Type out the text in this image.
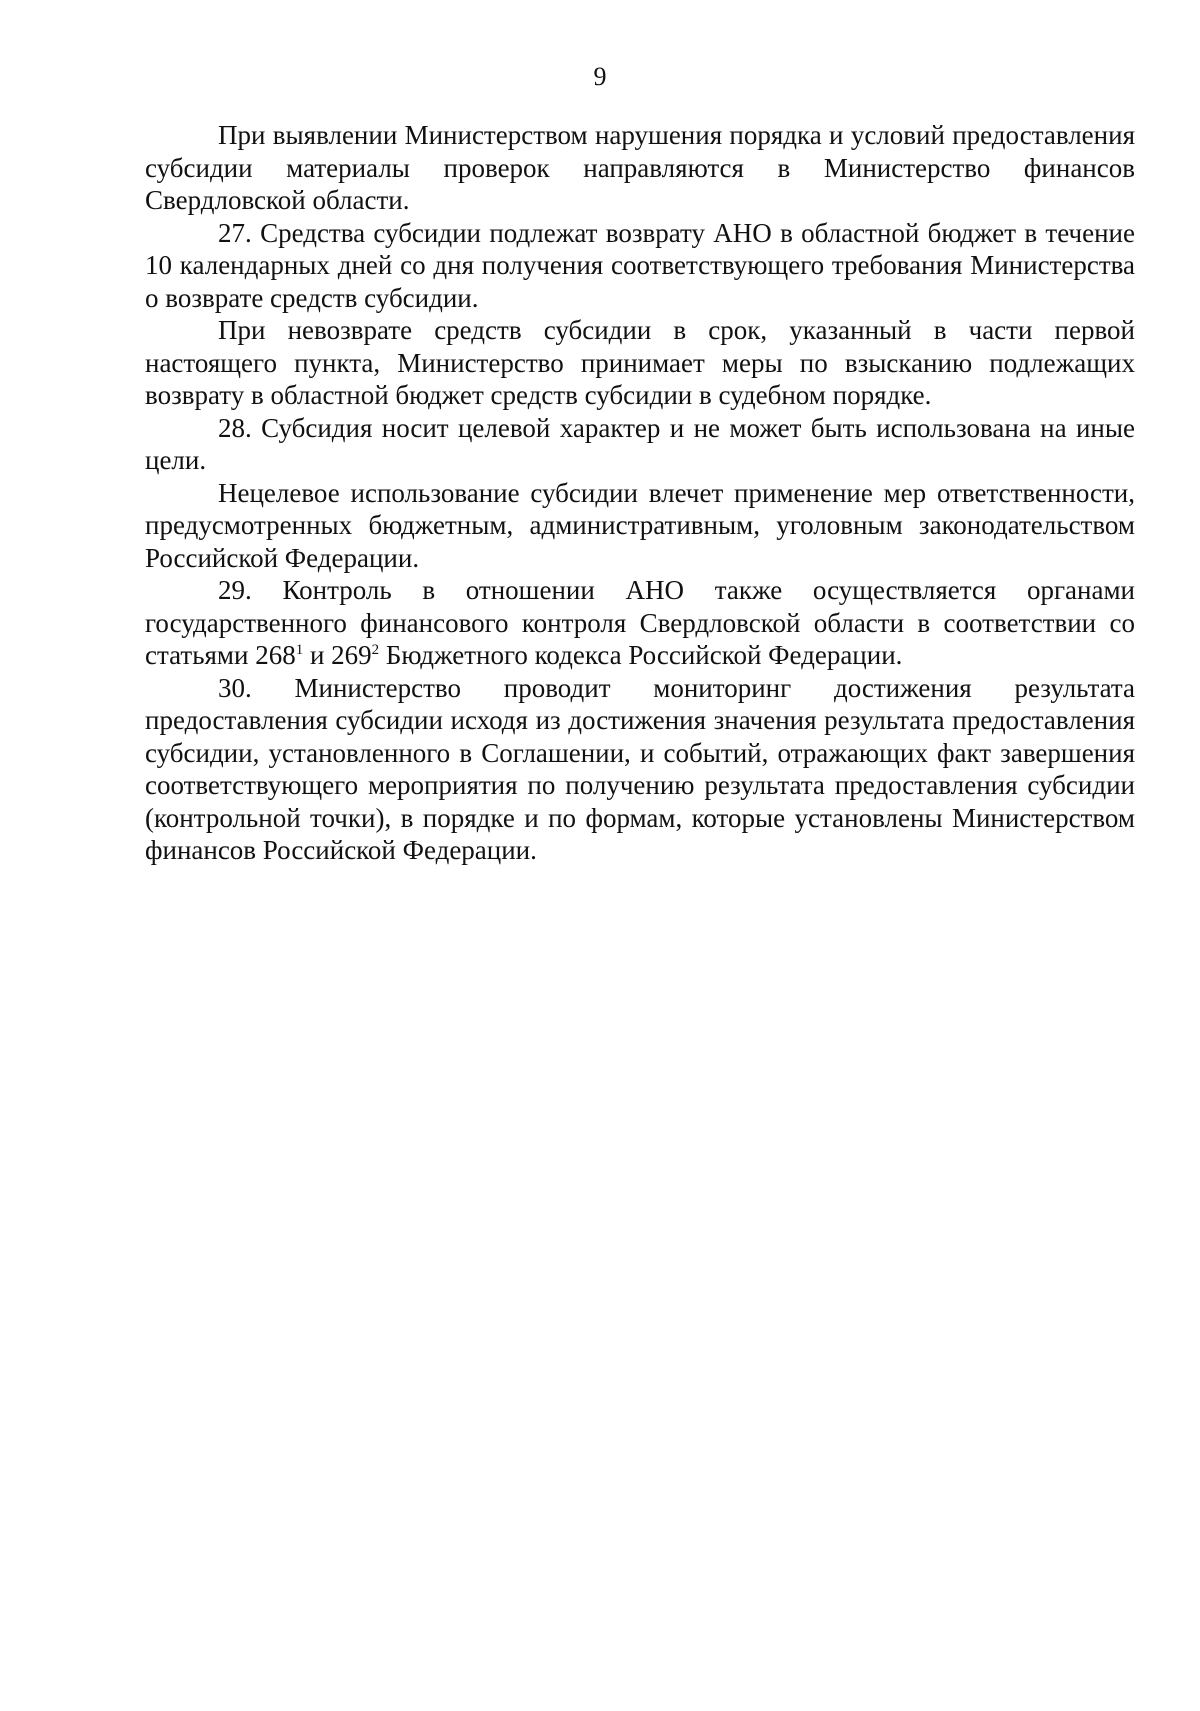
9

При выявлении Министерством нарушения порядка и условий предоставления субсидии материалы проверок направляются в Министерство финансов Свердловской области.

27. Средства субсидии подлежат возврату АНО в областной бюджет в течение 10 календарных дней со дня получения соответствующего требования Министерства о возврате средств субсидии.

При невозврате средств субсидии в срок, указанный в части первой настоящего пункта, Министерство принимает меры по взысканию подлежащих возврату в областной бюджет средств субсидии в судебном порядке.

28. Субсидия носит целевой характер и не может быть использована на иные цели.

Нецелевое использование субсидии влечет применение мер ответственности, предусмотренных бюджетным, административным, уголовным законодательством Российской Федерации.

29. Контроль в отношении АНО также осуществляется органами государственного финансового контроля Свердловской области в соответствии со статьями $268^1$ и $269^2$ Бюджетного кодекса Российской Федерации.

30. Министерство проводит мониторинг достижения результата предоставления субсидии исходя из достижения значения результата предоставления субсидии, установленного в Соглашении, и событий, отражающих факт завершения соответствующего мероприятия по получению результата предоставления субсидии (контрольной точки), в порядке и по формам, которые установлены Министерством финансов Российской Федерации.
